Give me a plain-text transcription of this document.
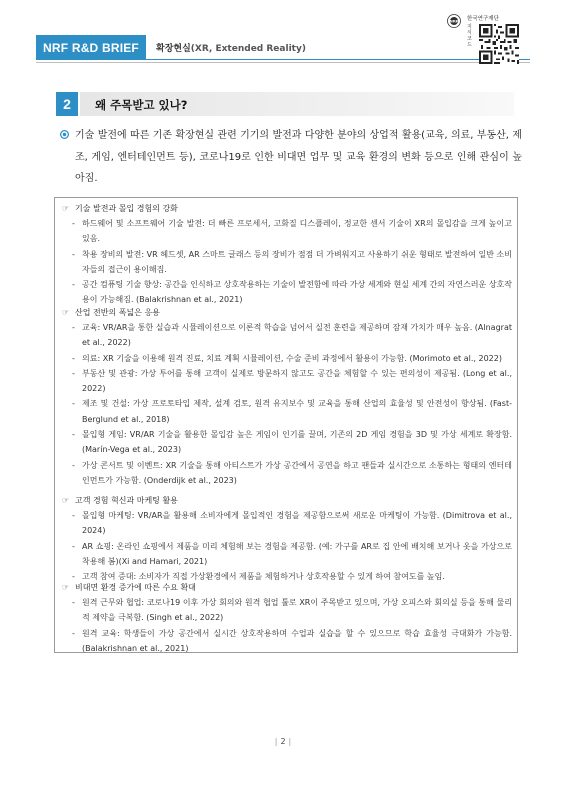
NRF R&D BRIEF	확장현실(XR, Extended Reality)
NRF 한국연구재단
지식코드
2	왜 주목받고 있나?

기술 발전에 따른 기존 확장현실 관련 기기의 발전과 다양한 분야의 상업적 활용(교육, 의료, 부동산, 제조, 게임, 엔터테인먼트 등), 코로나19로 인한 비대면 업무 및 교육 환경의 변화 등으로 인해 관심이 높아짐.

☞ 기술 발전과 몰입 경험의 강화

- 하드웨어 및 소프트웨어 기술 발전: 더 빠른 프로세서, 고화질 디스플레이, 정교한 센서 기술이 XR의 몰입감을 크게 높이고 있음.

- 착용 장비의 발전: VR 헤드셋, AR 스마트 글래스 등의 장비가 점점 더 가벼워지고 사용하기 쉬운 형태로 발전하여 일반 소비자들의 접근이 용이해짐.

- 공간 컴퓨팅 기술 향상: 공간을 인식하고 상호작용하는 기술이 발전함에 따라 가상 세계와 현실 세계 간의 자연스러운 상호작용이 가능해짐. (Balakrishnan et al., 2021)

☞ 산업 전반의 폭넓은 응용

- 교육: VR/AR을 통한 실습과 시뮬레이션으로 이론적 학습을 넘어서 실전 훈련을 제공하며 잠재 가치가 매우 높음. (Alnagrat et al., 2022)

- 의료: XR 기술을 이용해 원격 진료, 치료 계획 시뮬레이션, 수술 준비 과정에서 활용이 가능함. (Morimoto et al., 2022)

- 부동산 및 관광: 가상 투어를 통해 고객이 실제로 방문하지 않고도 공간을 체험할 수 있는 편의성이 제공됨. (Long et al., 2022)

- 제조 및 건설: 가상 프로토타입 제작, 설계 검토, 원격 유지보수 및 교육을 통해 산업의 효율성 및 안전성이 향상됨. (Fast-Berglund et al., 2018)

- 몰입형 게임: VR/AR 기술을 활용한 몰입감 높은 게임이 인기를 끌며, 기존의 2D 게임 경험을 3D 및 가상 세계로 확장함. (Marín-Vega et al., 2023)

- 가상 콘서트 및 이벤트: XR 기술을 통해 아티스트가 가상 공간에서 공연을 하고 팬들과 실시간으로 소통하는 형태의 엔터테인먼트가 가능함. (Onderdijk et al., 2023)

☞ 고객 경험 혁신과 마케팅 활용

- 몰입형 마케팅: VR/AR을 활용해 소비자에게 몰입적인 경험을 제공함으로써 새로운 마케팅이 가능함. (Dimitrova et al., 2024)

- AR 쇼핑: 온라인 쇼핑에서 제품을 미리 체험해 보는 경험을 제공함. (예: 가구를 AR로 집 안에 배치해 보거나 옷을 가상으로 착용해 봄)(Xi and Hamari, 2021)

- 고객 참여 증대: 소비자가 직접 가상환경에서 제품을 체험하거나 상호작용할 수 있게 하여 참여도를 높임.

☞ 비대면 환경 증가에 따른 수요 확대

- 원격 근무와 협업: 코로나19 이후 가상 회의와 원격 협업 툴로 XR이 주목받고 있으며, 가상 오피스와 회의실 등을 통해 물리적 제약을 극복함. (Singh et al., 2022)

- 원격 교육: 학생들이 가상 공간에서 실시간 상호작용하며 수업과 실습을 할 수 있으므로 학습 효율성 극대화가 가능함. (Balakrishnan et al., 2021)

| 2 |
